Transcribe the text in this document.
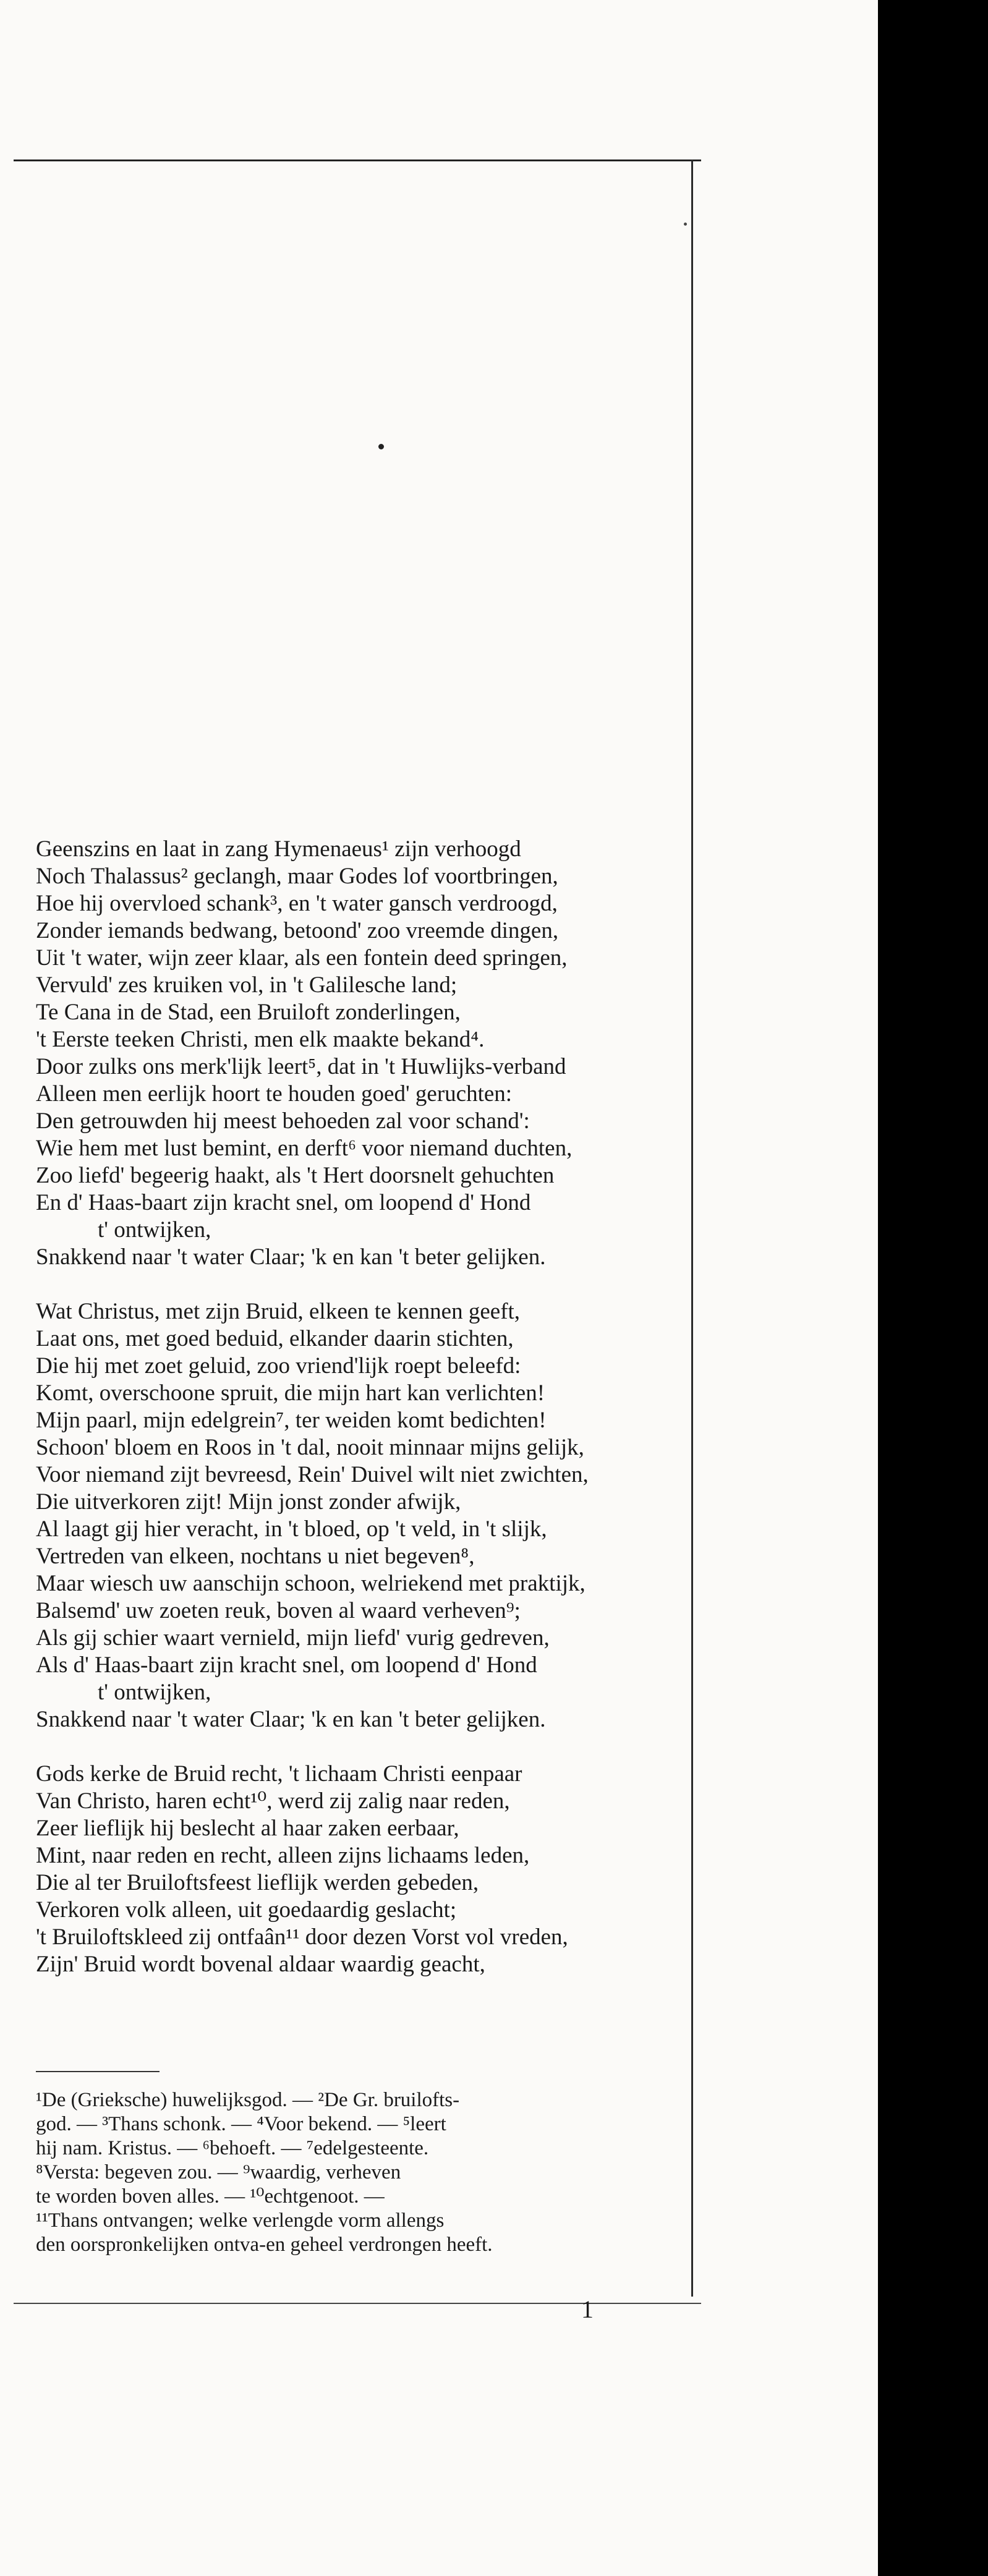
Geenszins en laat in zang Hymenaeus¹ zijn verhoogd
Noch Thalassus² geclangh, maar Godes lof voortbringen,
Hoe hij overvloed schank³, en 't water gansch verdroogd,
Zonder iemands bedwang, betoond' zoo vreemde dingen,
Uit 't water, wijn zeer klaar, als een fontein deed springen,
Vervuld' zes kruiken vol, in 't Galilesche land;
Te Cana in de Stad, een Bruiloft zonderlingen,
't Eerste teeken Christi, men elk maakte bekand⁴.
Door zulks ons merk'lijk leert⁵, dat in 't Huwlijks-verband
Alleen men eerlijk hoort te houden goed' geruchten:
Den getrouwden hij meest behoeden zal voor schand':
Wie hem met lust bemint, en derft⁶ voor niemand duchten,
Zoo liefd' begeerig haakt, als 't Hert doorsnelt gehuchten
En d' Haas-baart zijn kracht snel, om loopend d' Hond
t' ontwijken,
Snakkend naar 't water Claar; 'k en kan 't beter gelijken.
Wat Christus, met zijn Bruid, elkeen te kennen geeft,
Laat ons, met goed beduid, elkander daarin stichten,
Die hij met zoet geluid, zoo vriend'lijk roept beleefd:
Komt, overschoone spruit, die mijn hart kan verlichten!
Mijn paarl, mijn edelgrein⁷, ter weiden komt bedichten!
Schoon' bloem en Roos in 't dal, nooit minnaar mijns gelijk,
Voor niemand zijt bevreesd, Rein' Duivel wilt niet zwichten,
Die uitverkoren zijt! Mijn jonst zonder afwijk,
Al laagt gij hier veracht, in 't bloed, op 't veld, in 't slijk,
Vertreden van elkeen, nochtans u niet begeven⁸,
Maar wiesch uw aanschijn schoon, welriekend met praktijk,
Balsemd' uw zoeten reuk, boven al waard verheven⁹;
Als gij schier waart vernield, mijn liefd' vurig gedreven,
Als d' Haas-baart zijn kracht snel, om loopend d' Hond
t' ontwijken,
Snakkend naar 't water Claar; 'k en kan 't beter gelijken.
Gods kerke de Bruid recht, 't lichaam Christi eenpaar
Van Christo, haren echt¹⁰, werd zij zalig naar reden,
Zeer lieflijk hij beslecht al haar zaken eerbaar,
Mint, naar reden en recht, alleen zijns lichaams leden,
Die al ter Bruiloftsfeest lieflijk werden gebeden,
Verkoren volk alleen, uit goedaardig geslacht;
't Bruiloftskleed zij ontfaân¹¹ door dezen Vorst vol vreden,
Zijn' Bruid wordt bovenal aldaar waardig geacht,
¹De (Grieksche) huwelijksgod. — ²De Gr. bruilofts-
god. — ³Thans schonk. — ⁴Voor bekend. — ⁵leert
hij nam. Kristus. — ⁶behoeft. — ⁷edelgesteente.
⁸Versta: begeven zou. — ⁹waardig, verheven
te worden boven alles. — ¹⁰echtgenoot. —
¹¹Thans ontvangen; welke verlengde vorm allengs
den oorspronkelijken ontva-en geheel verdrongen heeft.
1
